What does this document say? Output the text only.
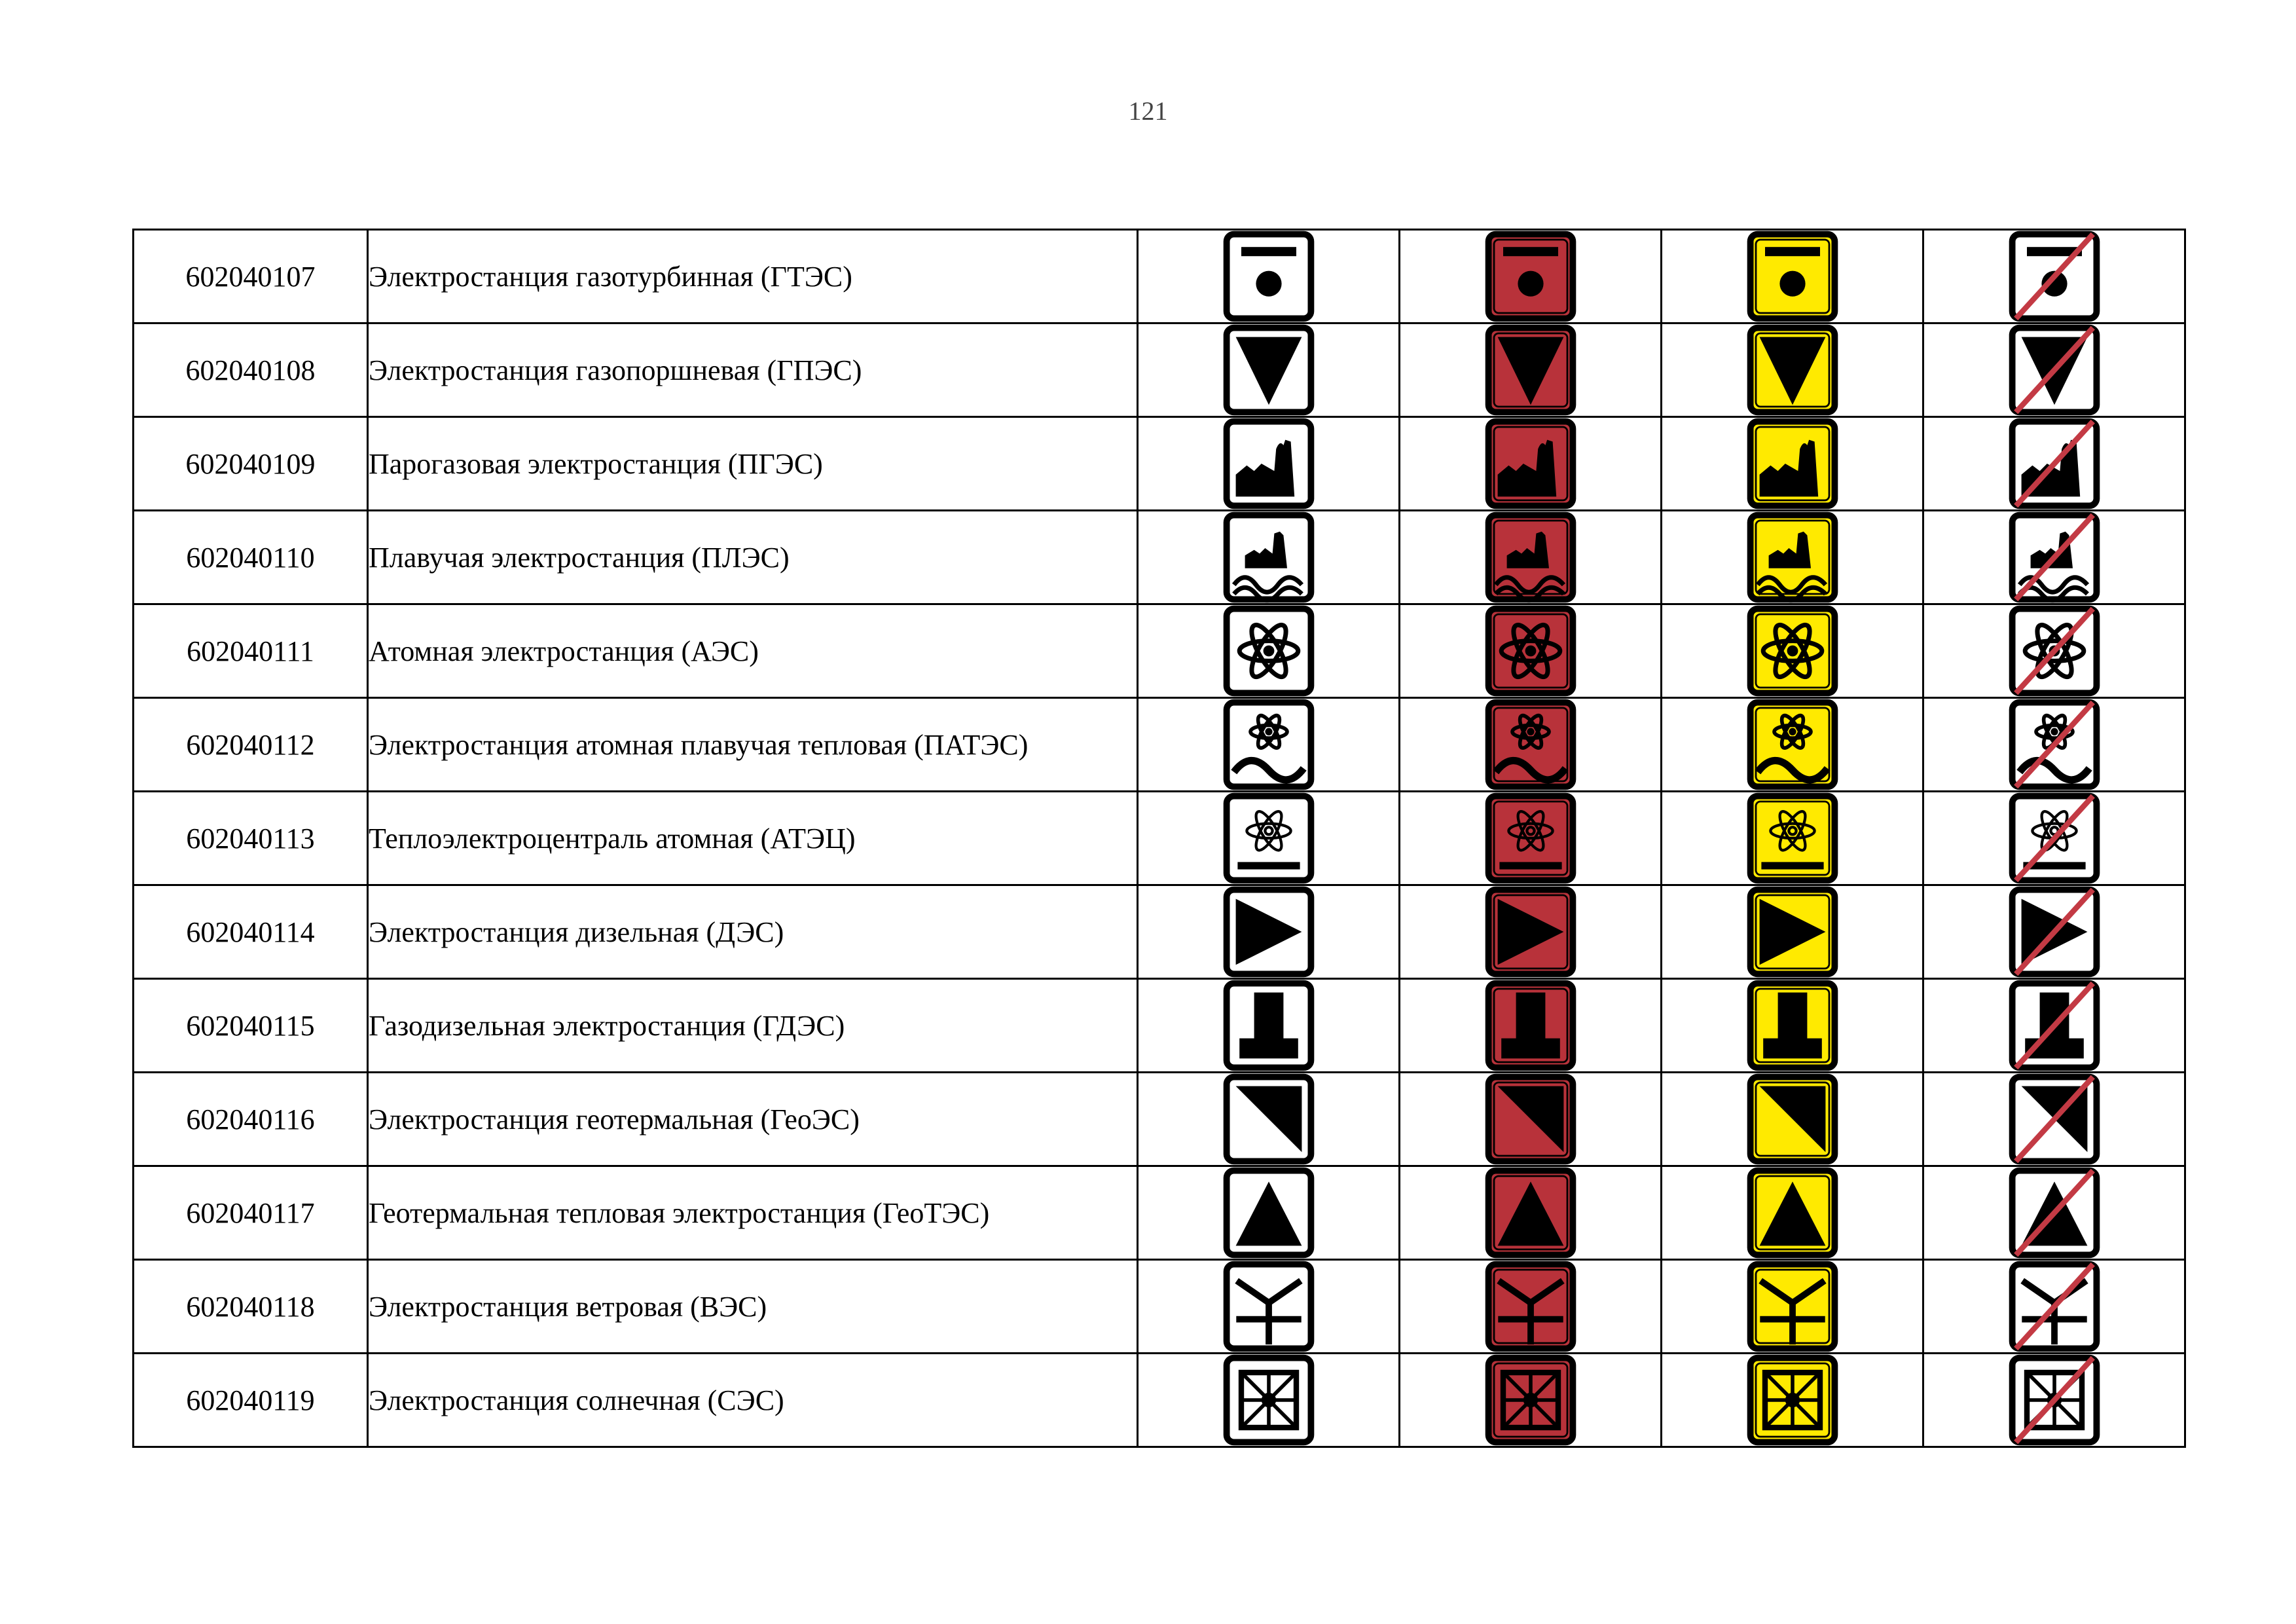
121
602040107	Электростанция газотурбинная (ГТЭС)	

602040108	Электростанция газопоршневая (ГПЭС)	

602040109	Парогазовая электростанция (ПГЭС)	

602040110	Плавучая электростанция (ПЛЭС)	

602040111	Атомная электростанция (АЭС)	

602040112	Электростанция атомная плавучая тепловая (ПАТЭС)	

602040113	Теплоэлектроцентраль атомная (АТЭЦ)	

602040114	Электростанция дизельная (ДЭС)	

602040115	Газодизельная электростанция (ГДЭС)	

602040116	Электростанция геотермальная (ГеоЭС)	

602040117	Геотермальная тепловая электростанция (ГеоТЭС)	

602040118	Электростанция ветровая (ВЭС)	

602040119	Электростанция солнечная (СЭС)	
